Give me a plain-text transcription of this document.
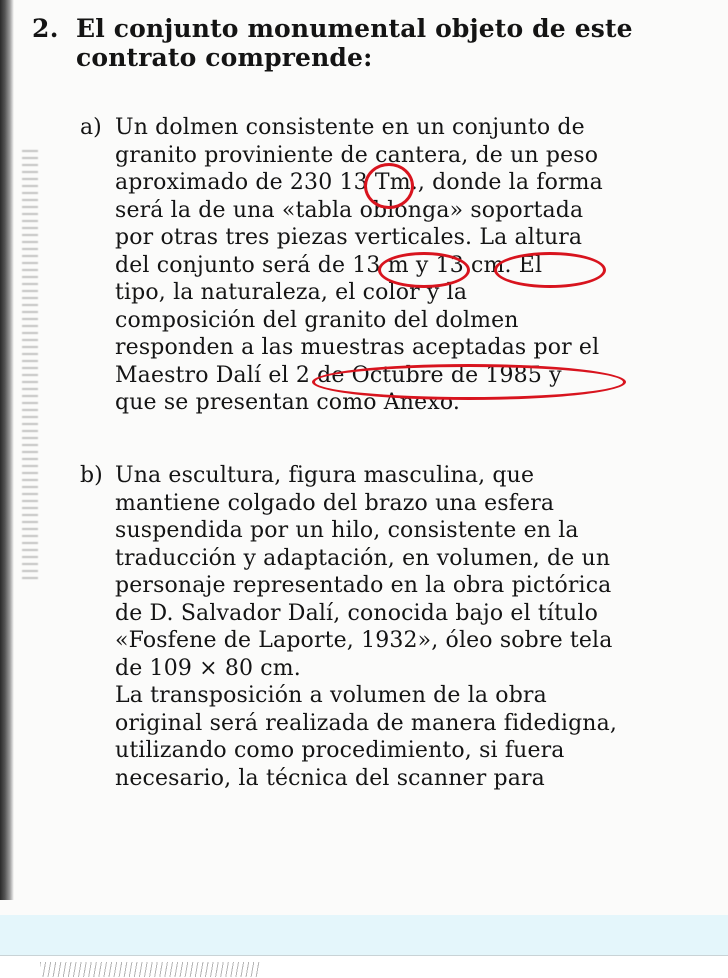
2. El conjunto monumental objeto de este
contrato comprende:
a) Un dolmen consistente en un conjunto de
granito proviniente de cantera, de un peso
aproximado de 230 13 Tm., donde la forma
será la de una «tabla oblonga» soportada
por otras tres piezas verticales. La altura
del conjunto será de 13 m y 13 cm. El
tipo, la naturaleza, el color y la
composición del granito del dolmen
responden a las muestras aceptadas por el
Maestro Dalí el 2 de Octubre de 1985 y
que se presentan como Anexo.
b) Una escultura, figura masculina, que
mantiene colgado del brazo una esfera
suspendida por un hilo, consistente en la
traducción y adaptación, en volumen, de un
personaje representado en la obra pictórica
de D. Salvador Dalí, conocida bajo el título
«Fosfene de Laporte, 1932», óleo sobre tela
de 109 × 80 cm.
La transposición a volumen de la obra
original será realizada de manera fidedigna,
utilizando como procedimiento, si fuera
necesario, la técnica del scanner para
